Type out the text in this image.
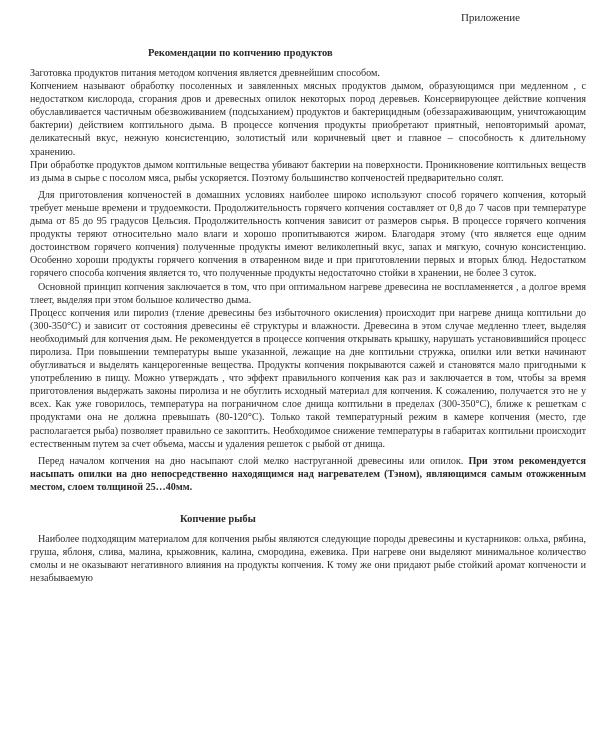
Приложение
Рекомендации по копчению продуктов

Заготовка продуктов питания методом копчения является древнейшим способом.

Копчением называют обработку посоленных и завяленных мясных продуктов дымом, образующимся при медленном , с недостатком кислорода, сгорания дров и древесных опилок некоторых пород деревьев. Консервирующее действие копчения обуславливается частичным обезвоживанием (подсыханием) продуктов и бактерицидным (обеззараживающим, уничтожающим бактерии) действием коптильного дыма. В процессе копчения продукты приобретают приятный, неповторимый аромат, деликатесный вкус, нежную консистенцию, золотистый или коричневый цвет и главное – способность к длительному хранению.

При обработке продуктов дымом коптильные вещества убивают бактерии на поверхности. Проникновение коптильных веществ из дыма в сырье с посолом мяса, рыбы ускоряется. Поэтому большинство копченостей предварительно солят.

Для приготовления копченостей в домашних условиях наиболее широко используют способ горячего копчения, который требует меньше времени и трудоемкости. Продолжительность горячего копчения составляет от 0,8 до 7 часов при температуре дыма от 85 до 95 градусов Цельсия. Продолжительность копчения зависит от размеров сырья. В процессе горячего копчения продукты теряют относительно мало влаги и хорошо пропитываются жиром. Благодаря этому (что является еще одним достоинством горячего копчения) полученные продукты имеют великолепный вкус, запах и мягкую, сочную консистенцию. Особенно хороши продукты горячего копчения в отваренном виде и при приготовлении первых и вторых блюд. Недостатком горячего способа копчения является то, что полученные продукты недостаточно стойки в хранении, не более 3 суток.

Основной принцип копчения заключается в том, что при оптимальном нагреве древесина не воспламеняется , а долгое время тлеет, выделяя при этом большое количество дыма.

Процесс копчения или пиролиз (тление древесины без избыточного окисления) происходит при нагреве днища коптильни до (300-350°С) и зависит от состояния древесины её структуры и влажности. Древесина в этом случае медленно тлеет, выделяя необходимый для копчения дым. Не рекомендуется в процессе копчения открывать крышку, нарушать установившийся процесс пиролиза. При повышении температуры выше указанной, лежащие на дне коптильни стружка, опилки или ветки начинают обугливаться и выделять канцерогенные вещества. Продукты копчения покрываются сажей и становятся мало пригодными к употреблению в пищу. Можно утверждать , что эффект правильного копчения как раз и заключается в том, чтобы за время приготовления выдержать законы пиролиза и не обуглить исходный материал для копчения. К сожалению, получается это не у всех. Как уже говорилось, температура на пограничном слое днища коптильни в пределах (300-350°С), ближе к решеткам с продуктами она не должна превышать (80-120°С). Только такой температурный режим в камере копчения (место, где располагается рыба) позволяет правильно се закоптить. Необходимое снижение температуры в габаритах коптильни происходит естественным путем за счет объема, массы и удаления решеток с рыбой от днища.

Перед началом копчения на дно насыпают слой мелко наструганной древесины или опилок. При этом рекомендуется насыпать опилки на дно непосредственно находящимся над нагревателем (Тэном), являющимся самым отожженным местом, слоем толщиной 25…40мм.

Копчение рыбы

Наиболее подходящим материалом для копчения рыбы являются следующие породы древесины и кустарников: ольха, рябина, груша, яблоня, слива, малина, крыжовник, калина, смородина, ежевика. При нагреве они выделяют минимальное количество смолы и не оказывают негативного влияния на продукты копчения. К тому же они придают рыбе стойкий аромат копчености и незабываемую
